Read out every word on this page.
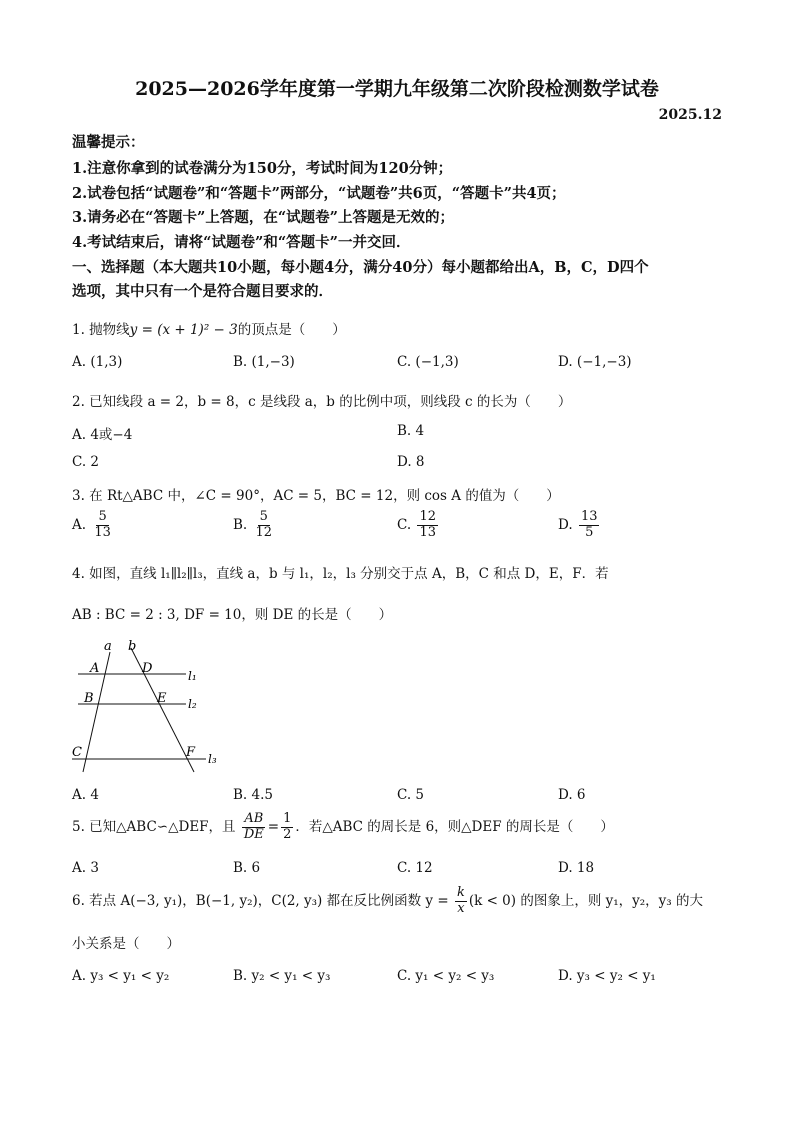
2025—2026学年度第一学期九年级第二次阶段检测数学试卷
2025.12
温馨提示：
1.注意你拿到的试卷满分为150分，考试时间为120分钟；
2.试卷包括“试题卷”和“答题卡”两部分，“试题卷”共6页，“答题卡”共4页；
3.请务必在“答题卡”上答题，在“试题卷”上答题是无效的；
4.考试结束后，请将“试题卷”和“答题卡”一并交回．
一、选择题（本大题共10小题，每小题4分，满分40分）每小题都给出A，B，C，D四个
选项，其中只有一个是符合题目要求的．
1. 抛物线y = (x + 1)² − 3的顶点是（　　）
A. (1,3)	B. (1,−3)	C. (−1,3)	D. (−1,−3)
2. 已知线段 a = 2，b = 8，c 是线段 a，b 的比例中项，则线段 c 的长为（　　）
A. 4或−4	B. 4
C. 2	D. 8
3. 在 Rt△ABC 中，∠C = 90°，AC = 5，BC = 12，则 cos A 的值为（　　）
A. $\frac{5}{13}$	B. $\frac{5}{12}$	C. $\frac{12}{13}$	D. $\frac{13}{5}$
4. 如图，直线 l₁∥l₂∥l₃，直线 a，b 与 l₁，l₂，l₃ 分别交于点 A，B，C 和点 D，E，F．若
AB : BC = 2 : 3, DF = 10，则 DE 的长是（　　）
a b
A	D
B	E
C	F
l₁
l₂
l₃
A. 4	B. 4.5	C. 5	D. 6
5. 已知△ABC∽△DEF，且 $\frac{AB}{DE} = \frac{1}{2}$ ．若△ABC 的周长是 6，则△DEF 的周长是（　　）
A. 3	B. 6	C. 12	D. 18
6. 若点 A(−3, y₁)，B(−1, y₂)，C(2, y₃) 都在反比例函数 $y = \frac{k}{x} (k < 0)$ 的图象上，则 y₁，y₂，y₃ 的大
小关系是（　　）
A. y₃ < y₁ < y₂	B. y₂ < y₁ < y₃	C. y₁ < y₂ < y₃	D. y₃ < y₂ < y₁
